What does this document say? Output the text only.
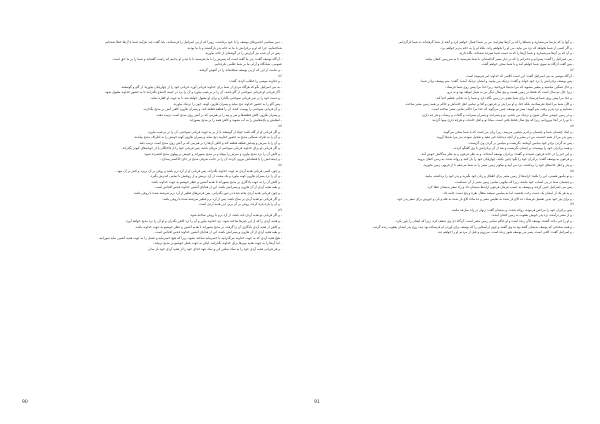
- دبیر سیاسی انجمن‌های یوسف را با خود برداشت. روبرا که از پی اسرائیل را فرستادند، باید گفت چه، هرآینه شما با آن‌ها خطا شده‌ایم
شناخته‌ایم. چرا که او و برادرانش با ما به خانه پدر بازگشتند و با ما بودند.
- پس در آن شب نیز گزارش را در گوشه‌ای از خانه بیاورید.
- آن‌گاه یوسف گفت: پدر ما گفته است که پسرش را با ما بفرستید تا با دیدن او بدانیم که راست گفته‌اید و شما را بر ما حق است.
عمومی، شبانگاه و آرام، ما بر شما ظلمی نکرده‌ایم.
- و ندامت از این که از پی یوسف شتافته‌اند را در آغوش گرفتند.
۸۶
- و خداوند موسی را خطاب کرده، گفت:
- به بنی اسرائیل بگو که هرگاه مردی از شما برای خداوند قربانی آورد، قربانی خود را از چهارپایان بیاورید؛ از گاو و گوسفند.
- اگر قربانی او قربانی سوختنی از گاو باشد، آن را نر بی‌عیب بیاورد و آن را نزد در خیمه اجتماع بگذرانند تا به حضور خداوند مقبول شود.
- و دست خود را بر سر قربانی سوختنی بگذارد و برای او مقبول خواهد شد تا به جهت او کفاره نماید.
- پس گاو را به حضور خداوند ذبح نماید و پسران هارون کهنه، خون را نزدیک بیاورند.
- و آن قربانی سوختنی را پوست کنده، آن را قطعه قطعه کند، و پسران هارون کاهن آتش بر مذبح بگذارند.
- و پسران هارون کاهن قطعه‌ها و سر و پیه را بر هیزمی که بر آتش روی مذبح است ترتیب دهند.
- امعایش و پاچه‌هایش را به آب بشوید و کاهن همه را بر مذبح بسوزاند.
۸۷
- و اگر قربانی او از گله باشد خواه از گوسفند یا از بز به جهت قربانی سوختنی، آن را نر بی‌عیب بیاورد.
- و آن را به طرف شمالی مذبح به حضور خداوند ذبح نماید و پسران هارون کهنه خونش را به اطراف مذبح بپاشند.
- و آن را با سرش و پیه‌اش قطعه قطعه کند و کاهن آن‌ها را بر هیزمی که بر آتش روی مذبح است ترتیب دهد.
- و اگر قربانی او برای خداوند قربانی سوختنی از مرغان باشد، پس قربانی خود را از فاختگان یا از جوجه‌های کبوتر بگذراند.
- و کاهن آن را نزد مذبح بیاورد و سرش را بپیچد و بر مذبح بسوزاند و خونش بر پهلوی مذبح افشرده شود.
- و چینه‌دانش را با فضله‌اش بیرون کرده، آن را بر جانب شرقی مذبح در جای خاکستر بیندازد.
۸۸
- و چون کسی قربانی هدیه آردی به جهت خداوند بگذراند، پس قربانی او از آرد نرم باشد و روغن بر آن بریزد و کندر بر آن بنهد.
- و آن را نزد پسران هارون کهنه بیاورد و یک مشت از آرد نرمش و از روغنش با تمامی کندرش بگیرد.
- و کاهن آن را به جهت یادگاری بر مذبح بسوزاند تا هدیه آتشین و عطر خوشبو به جهت خداوند باشد.
- و بقیه هدیه آردی از آن هارون و پسرانش باشد. این از هدایای آتشین خداوند قدس اقداس است.
- و چون قربانی هدیه آردی پخته شده در تنور بگذرانی، پس قرص‌های فطیر از آرد نرم سرشته شده با روغن باشد.
- و اگر قربانی تو هدیه آردی بر ساج باشد، پس از آرد نرم فطیر سرشته شده با روغن باشد.
- و آن را پاره پاره کرده، روغن بر آن بریز. این هدیه آردی است.
۸۹
- و اگر قربانی تو هدیه آردی تابه باشد، از آرد نرم با روغن ساخته شود.
- و هدیه آردی را که از این چیزها ساخته شود، نزد خداوند بیاور و آن را نزد کاهن بگذران و او آن را نزد مذبح خواهد آورد.
- و کاهن از هدیه آردی یادگاری آن را گرفته، بر مذبح بسوزاند تا هدیه آتشین و عطر خوشبو به جهت خداوند باشد.
- و بقیه هدیه آردی از آن هارون و پسرانش باشد. این از هدایای آتشین خداوند قدس اقداس است.
- هیچ هدیه آردی که به جهت خداوند می‌گذرانید با خمیرمایه ساخته نشود، زیرا که هیچ خمیرمایه و عسل را به جهت هدیه آتشین نباید سوزانید.
- اما آن‌ها را به جهت هدیه نوبرها برای خداوند بگذرانید، لیکن به جهت عطر خوشبو بر مذبح برنیاید.
- و هر قربانی هدیه آردی خود را به نمک نمکین کن و نمک عهد خدای خود را از هدیه آردی خود باز مدار.
- و آنها را که پارسا می‌شمارید و شما‌ها را که بر آن‌ها بیفزایند، من بر شما اعمال خواهم کرد و آنچه از شما گرفته‌اند به شما بازگردانم.
- و اگر کسی از شما بخواهد که نزد من بیاید، من او را نخواهم راند، بلکه او را به خانه پدرم خواهم برد.
- و آن که بر آن‌ها می‌شمارید و شما آن‌ها را که به دست شما سپرده شده‌اند، نگاه دارید.
- بنی اسرائیل را گفت: پسرانم و دخترانم را که در دیار مصر گذاشته‌ام، با شما بفرستید تا به سرزمین کنعان بیایند.
- پس گفت آن‌گاه به سوی شما خواهم آمد و با شما سخن خواهم گفت.
۸۶
- آن‌گاه موسی به بنی اسرائیل گفت: این است کلامی که خداوند امر فرموده است.
- پس یوسف برادرانش را نزد خود خواند و گفت: نزدیک من بیایید. و ایشان نزدیک آمدند. گفت: منم یوسف برادر شما.
- و حال غمگین مباشید و متغیر مشوید که مرا بدینجا فروختید، زیرا خدا مرا پیش روی شما فرستاد.
- زیرا حال دو سال است که قحط در زمین هست و پنج سال دیگر نیز نه شیار خواهد بود و نه درو.
- و خدا مرا پیش روی شما فرستاد تا برای شما بقیتی در زمین نگاه دارد و شما را به نجاتی عظیم احیا کند.
- و الآن شما مرا اینجا نفرستادید، بلکه خدا، و او مرا پدر بر فرعون و آقا بر تمامی اهل خانه‌اش و حاکم بر همه زمین مصر ساخت.
- بشتابید و نزد پدرم رفته، بدو گویید: پسر تو یوسف چنین می‌گوید که خدا مرا حاکم تمامی مصر ساخته است.
- و در زمین جوشن ساکن شوی و نزدیک من باشی، تو و پسرانت و پسران پسرانت و گله‌ات و رمه‌ات و هر چه داری.
- تا تو را در آنجا بپرورانم، زیرا که پنج سال قحط باقی است، مبادا تو و اهل خانه‌ات و هرچه داری بینوا گردید.
۸۷
- و اینک چشمان شما و چشمان برادرم بنیامین می‌بیند، زیرا زبان من است که با شما سخن می‌گوید.
- پس پدر مرا از همه حشمت من در مصر و از آنچه دیده‌اید خبر دهید و تعجیل نموده، پدر مرا بدینجا آورید.
- پس به گردن برادر خود بنیامین آویخته، بگریست و بنیامین بر گردن وی گریست.
- و همه برادران خود را بوسیده، بر ایشان بگریست و بعد از آن برادرانش با وی گفتگو کردند.
- و این خبر را در خانه فرعون شنیدند و گفتند: برادران یوسف آمده‌اند. و به نظر فرعون و به نظر بندگانش خوش آمد.
- و فرعون به یوسف گفت: برادران خود را بگو: چنین بکنید، چهارپایان خود را بار کنید و روانه شده، به زمین کنعان بروید.
- و پدر و اهل خانه‌های خود را برداشته، نزد من آیید و نیکوتر زمین مصر را به شما می‌دهم تا از فربهی زمین بخورید.
۸۸
- و تو مأمور هستی، این را بکنید: ارابه‌ها از زمین مصر برای اطفال و زنان خود بگیرید و پدر خود را برداشته، بیایید.
- و چشمان شما در پی اسباب خود نباشد، زیرا که نیکویی تمامی زمین مصر از آن شماست.
- پس بنی اسرائیل چنین کردند و یوسف به حسب فرمان فرعون ارابه‌ها بدیشان داد و زاد سفر بدیشان عطا کرد.
- و به هر یک از ایشان یک دست رخت بخشید، اما به بنیامین سیصد مثقال نقره و پنج دست جامه داد.
- و برای پدر خود بدین تفصیل فرستاد: ده الاغ بار شده به نفایس مصر و ده ماده الاغ بار شده به غله و نان و خورش برای سفر پدر خود.
۸۹
- پس برادران خود را مرخص فرموده، روانه شدند. و بدیشان گفت: زنهار در راه منازعه مکنید.
- و از مصر برآمده، نزد پدر خویش یعقوب به زمین کنعان آمدند.
- و او را خبر داده، گفتند: یوسف الآن زنده است و او حاکم تمامی زمین مصر است. آن‌گاه دل وی ضعف کرد، زیرا که ایشان را باور نکرد.
- و همه سخنانی که یوسف بدیشان گفته بود به وی گفتند و چون ارابه‌هایی را که یوسف برای آوردن او فرستاده بود دید، روح پدر ایشان یعقوب زنده گردید.
- و اسرائیل گفت: کافی است، پسر من یوسف هنوز زنده است. می‌روم و قبل از مردنم او را خواهم دید.
90	91
